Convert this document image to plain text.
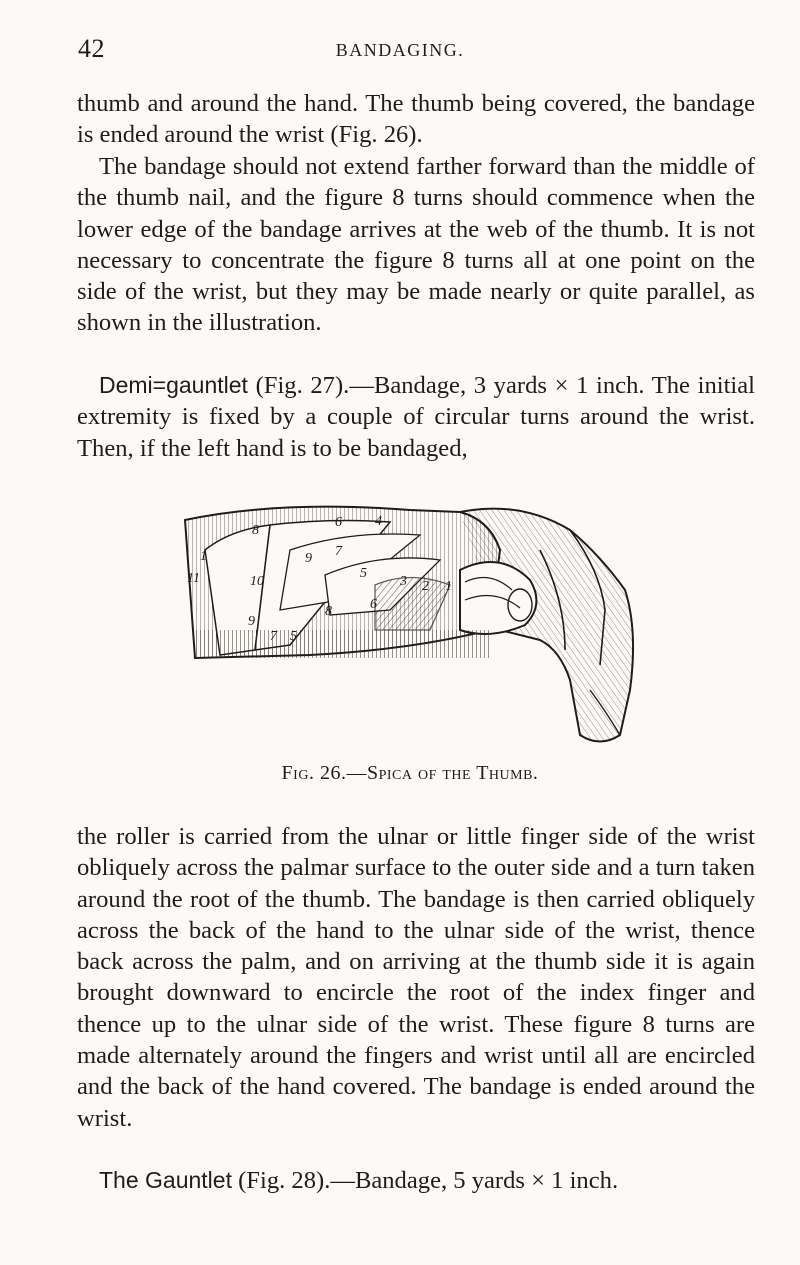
42	BANDAGING.

thumb and around the hand. The thumb being covered, the bandage is ended around the wrist (Fig. 26).

The bandage should not extend farther forward than the middle of the thumb nail, and the figure 8 turns should commence when the lower edge of the bandage arrives at the web of the thumb. It is not necessary to concentrate the figure 8 turns all at one point on the side of the wrist, but they may be made nearly or quite parallel, as shown in the illustration.

Demi=gauntlet (Fig. 27).—Bandage, 3 yards × 1 inch. The initial extremity is fixed by a couple of circular turns around the wrist. Then, if the left hand is to be bandaged,

11
1
9
10
8
9 7
6
5
4
8	6
3 2 1
7 5
Fig. 26.—Spica of the Thumb.

the roller is carried from the ulnar or little finger side of the wrist obliquely across the palmar surface to the outer side and a turn taken around the root of the thumb. The bandage is then carried obliquely across the back of the hand to the ulnar side of the wrist, thence back across the palm, and on arriving at the thumb side it is again brought downward to encircle the root of the index finger and thence up to the ulnar side of the wrist. These figure 8 turns are made alternately around the fingers and wrist until all are encircled and the back of the hand covered. The bandage is ended around the wrist.

The Gauntlet (Fig. 28).—Bandage, 5 yards × 1 inch.
